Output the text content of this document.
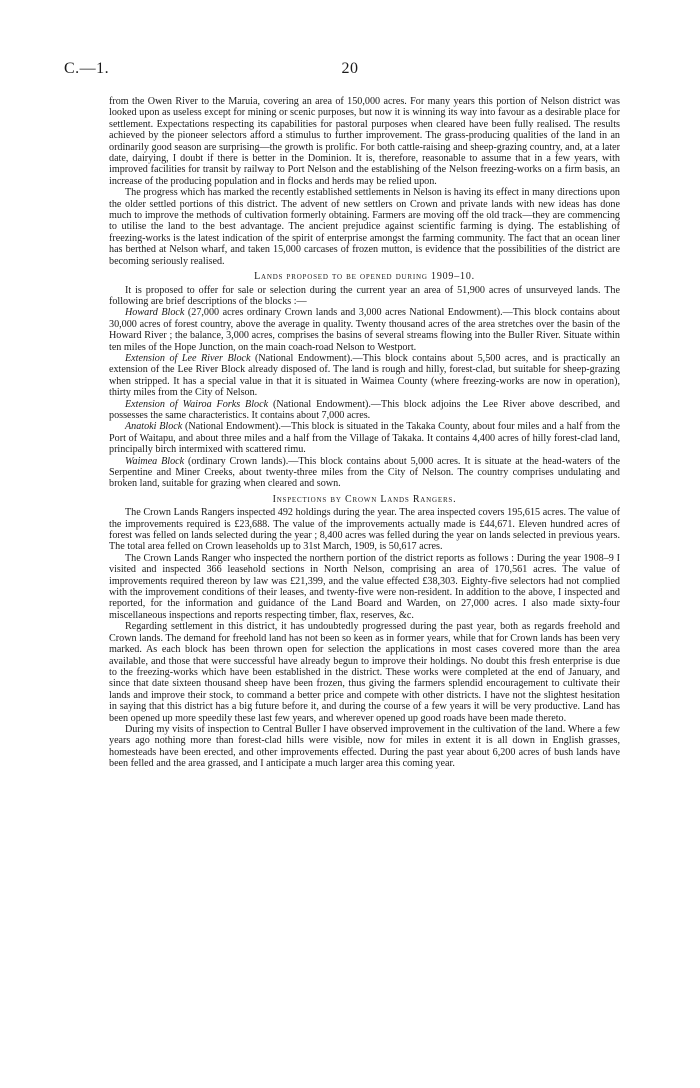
C.—1.	20

from the Owen River to the Maruia, covering an area of 150,000 acres. For many years this portion of Nelson district was looked upon as useless except for mining or scenic purposes, but now it is winning its way into favour as a desirable place for settlement. Expectations respecting its capabilities for pastoral purposes when cleared have been fully realised. The results achieved by the pioneer selectors afford a stimulus to further improvement. The grass-producing qualities of the land in an ordinarily good season are surprising—the growth is prolific. For both cattle-raising and sheep-grazing country, and, at a later date, dairying, I doubt if there is better in the Dominion. It is, therefore, reasonable to assume that in a few years, with improved facilities for transit by railway to Port Nelson and the establishing of the Nelson freezing-works on a firm basis, an increase of the producing population and in flocks and herds may be relied upon.

The progress which has marked the recently established settlements in Nelson is having its effect in many directions upon the older settled portions of this district. The advent of new settlers on Crown and private lands with new ideas has done much to improve the methods of cultivation formerly obtaining. Farmers are moving off the old track—they are commencing to utilise the land to the best advantage. The ancient prejudice against scientific farming is dying. The establishing of freezing-works is the latest indication of the spirit of enterprise amongst the farming community. The fact that an ocean liner has berthed at Nelson wharf, and taken 15,000 carcases of frozen mutton, is evidence that the possibilities of the district are becoming seriously realised.

Lands proposed to be opened during 1909–10.

It is proposed to offer for sale or selection during the current year an area of 51,900 acres of unsurveyed lands. The following are brief descriptions of the blocks :—

Howard Block (27,000 acres ordinary Crown lands and 3,000 acres National Endowment).—This block contains about 30,000 acres of forest country, above the average in quality. Twenty thousand acres of the area stretches over the basin of the Howard River ; the balance, 3,000 acres, comprises the basins of several streams flowing into the Buller River. Situate within ten miles of the Hope Junction, on the main coach-road Nelson to Westport.

Extension of Lee River Block (National Endowment).—This block contains about 5,500 acres, and is practically an extension of the Lee River Block already disposed of. The land is rough and hilly, forest-clad, but suitable for sheep-grazing when stripped. It has a special value in that it is situated in Waimea County (where freezing-works are now in operation), thirty miles from the City of Nelson.

Extension of Wairoa Forks Block (National Endowment).—This block adjoins the Lee River above described, and possesses the same characteristics. It contains about 7,000 acres.

Anatoki Block (National Endowment).—This block is situated in the Takaka County, about four miles and a half from the Port of Waitapu, and about three miles and a half from the Village of Takaka. It contains 4,400 acres of hilly forest-clad land, principally birch intermixed with scattered rimu.

Waimea Block (ordinary Crown lands).—This block contains about 5,000 acres. It is situate at the head-waters of the Serpentine and Miner Creeks, about twenty-three miles from the City of Nelson. The country comprises undulating and broken land, suitable for grazing when cleared and sown.

Inspections by Crown Lands Rangers.

The Crown Lands Rangers inspected 492 holdings during the year. The area inspected covers 195,615 acres. The value of the improvements required is £23,688. The value of the improvements actually made is £44,671. Eleven hundred acres of forest was felled on lands selected during the year ; 8,400 acres was felled during the year on lands selected in previous years. The total area felled on Crown leaseholds up to 31st March, 1909, is 50,617 acres.

The Crown Lands Ranger who inspected the northern portion of the district reports as follows : During the year 1908–9 I visited and inspected 366 leasehold sections in North Nelson, comprising an area of 170,561 acres. The value of improvements required thereon by law was £21,399, and the value effected £38,303. Eighty-five selectors had not complied with the improvement conditions of their leases, and twenty-five were non-resident. In addition to the above, I inspected and reported, for the information and guidance of the Land Board and Warden, on 27,000 acres. I also made sixty-four miscellaneous inspections and reports respecting timber, flax, reserves, &c.

Regarding settlement in this district, it has undoubtedly progressed during the past year, both as regards freehold and Crown lands. The demand for freehold land has not been so keen as in former years, while that for Crown lands has been very marked. As each block has been thrown open for selection the applications in most cases covered more than the area available, and those that were successful have already begun to improve their holdings. No doubt this fresh enterprise is due to the freezing-works which have been established in the district. These works were completed at the end of January, and since that date sixteen thousand sheep have been frozen, thus giving the farmers splendid encouragement to cultivate their lands and improve their stock, to command a better price and compete with other districts. I have not the slightest hesitation in saying that this district has a big future before it, and during the course of a few years it will be very productive. Land has been opened up more speedily these last few years, and wherever opened up good roads have been made thereto.

During my visits of inspection to Central Buller I have observed improvement in the cultivation of the land. Where a few years ago nothing more than forest-clad hills were visible, now for miles in extent it is all down in English grasses, homesteads have been erected, and other improvements effected. During the past year about 6,200 acres of bush lands have been felled and the area grassed, and I anticipate a much larger area this coming year.
